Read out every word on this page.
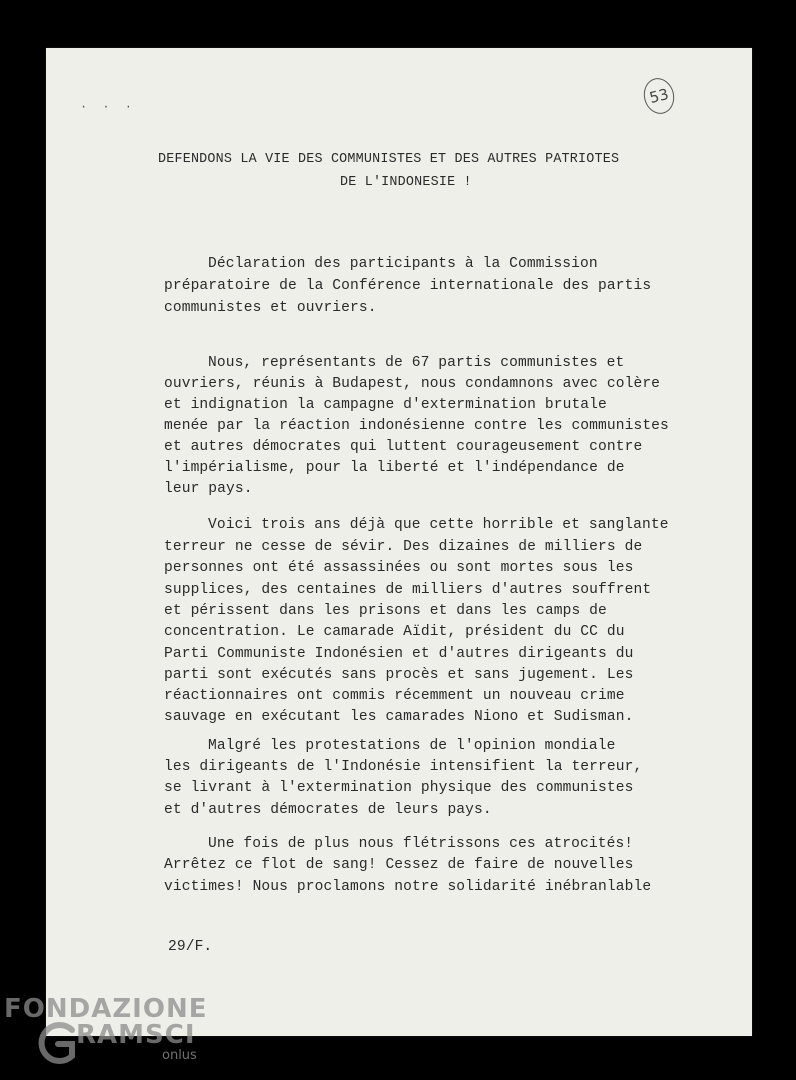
· · ·	53
DEFENDONS LA VIE DES COMMUNISTES ET DES AUTRES PATRIOTES
DE L'INDONESIE !
Déclaration des participants à la Commission
préparatoire de la Conférence internationale des partis
communistes et ouvriers.
Nous, représentants de 67 partis communistes et
ouvriers, réunis à Budapest, nous condamnons avec colère
et indignation la campagne d'extermination brutale
menée par la réaction indonésienne contre les communistes
et autres démocrates qui luttent courageusement contre
l'impérialisme, pour la liberté et l'indépendance de
leur pays.
Voici trois ans déjà que cette horrible et sanglante
terreur ne cesse de sévir. Des dizaines de milliers de
personnes ont été assassinées ou sont mortes sous les
supplices, des centaines de milliers d'autres souffrent
et périssent dans les prisons et dans les camps de
concentration. Le camarade Aïdit, président du CC du
Parti Communiste Indonésien et d'autres dirigeants du
parti sont exécutés sans procès et sans jugement. Les
réactionnaires ont commis récemment un nouveau crime
sauvage en exécutant les camarades Niono et Sudisman.
Malgré les protestations de l'opinion mondiale
les dirigeants de l'Indonésie intensifient la terreur,
se livrant à l'extermination physique des communistes
et d'autres démocrates de leurs pays.
Une fois de plus nous flétrissons ces atrocités!
Arrêtez ce flot de sang! Cessez de faire de nouvelles
victimes! Nous proclamons notre solidarité inébranlable
29/F.
FONDAZIONE
RAMSCI
onlus
